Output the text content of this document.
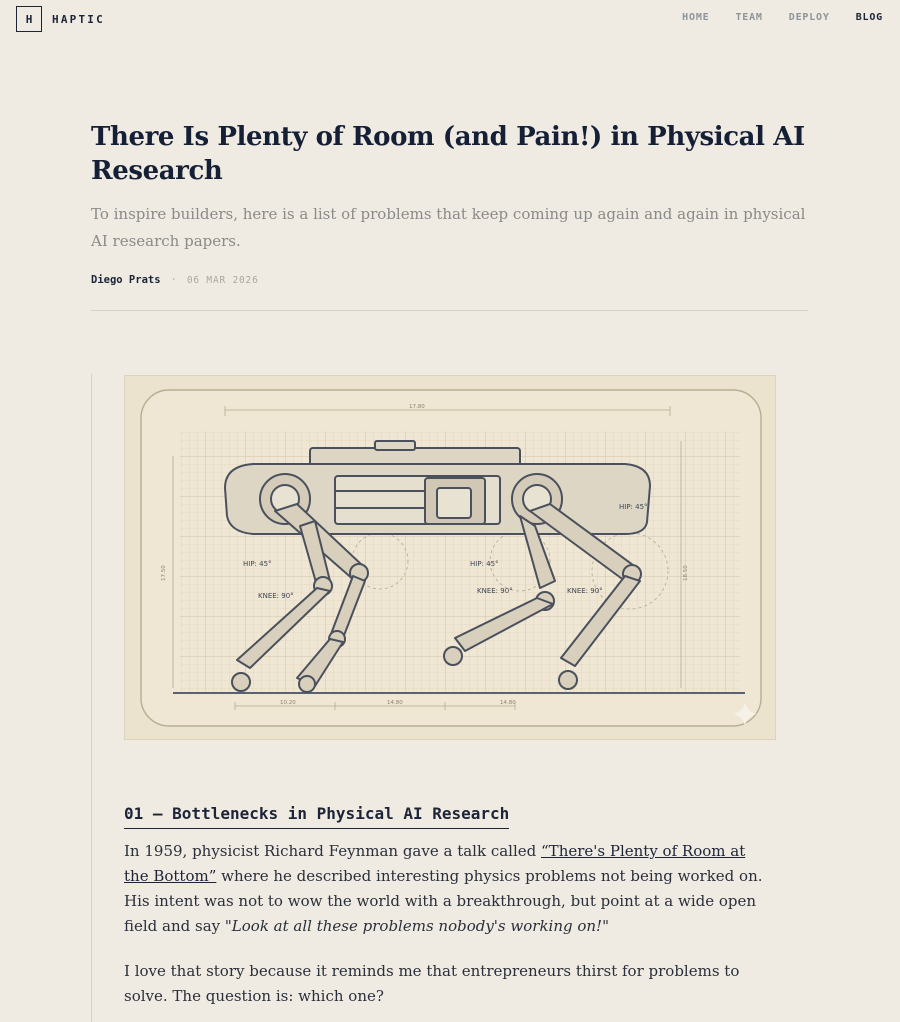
H	HAPTIC	HOME	TEAM	DEPLOY	BLOG
There Is Plenty of Room (and Pain!) in Physical AI Research

To inspire builders, here is a list of problems that keep coming up again and again in physical AI research papers.

Diego Prats · 06 MAR 2026
HIP: 45°
KNEE: 90°
HIP: 45°
KNEE: 90°
HIP: 45°
KNEE: 90°
17.80
17.50	18.50
10.20	14.80	14.80
01 — Bottlenecks in Physical AI Research

In 1959, physicist Richard Feynman gave a talk called “There's Plenty of Room at the Bottom” where he described interesting physics problems not being worked on. His intent was not to wow the world with a breakthrough, but point at a wide open field and say "Look at all these problems nobody's working on!"

I love that story because it reminds me that entrepreneurs thirst for problems to solve. The question is: which one?
